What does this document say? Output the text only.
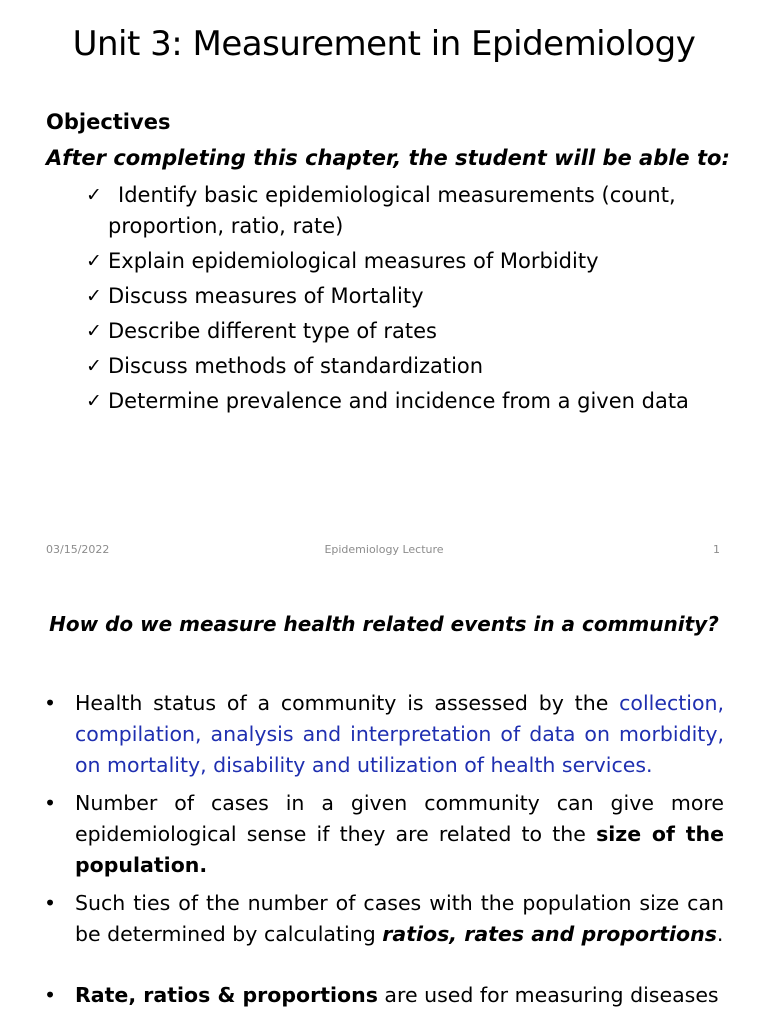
Unit 3: Measurement in Epidemiology
Objectives
After completing this chapter, the student will be able to:
✓ Identify basic epidemiological measurements (count,
proportion, ratio, rate)
✓ Explain epidemiological measures of Morbidity
✓ Discuss measures of Mortality
✓ Describe different type of rates
✓ Discuss methods of standardization
✓ Determine prevalence and incidence from a given data
03/15/2022	Epidemiology Lecture	1
How do we measure health related events in a community?
• Health status of a community is assessed by the collection, compilation, analysis and interpretation of data on morbidity, on mortality, disability and utilization of health services.
• Number of cases in a given community can give more epidemiological sense if they are related to the size of the population.
• Such ties of the number of cases with the population size can be determined by calculating ratios, rates and proportions.
• Rate, ratios & proportions are used for measuring diseases
